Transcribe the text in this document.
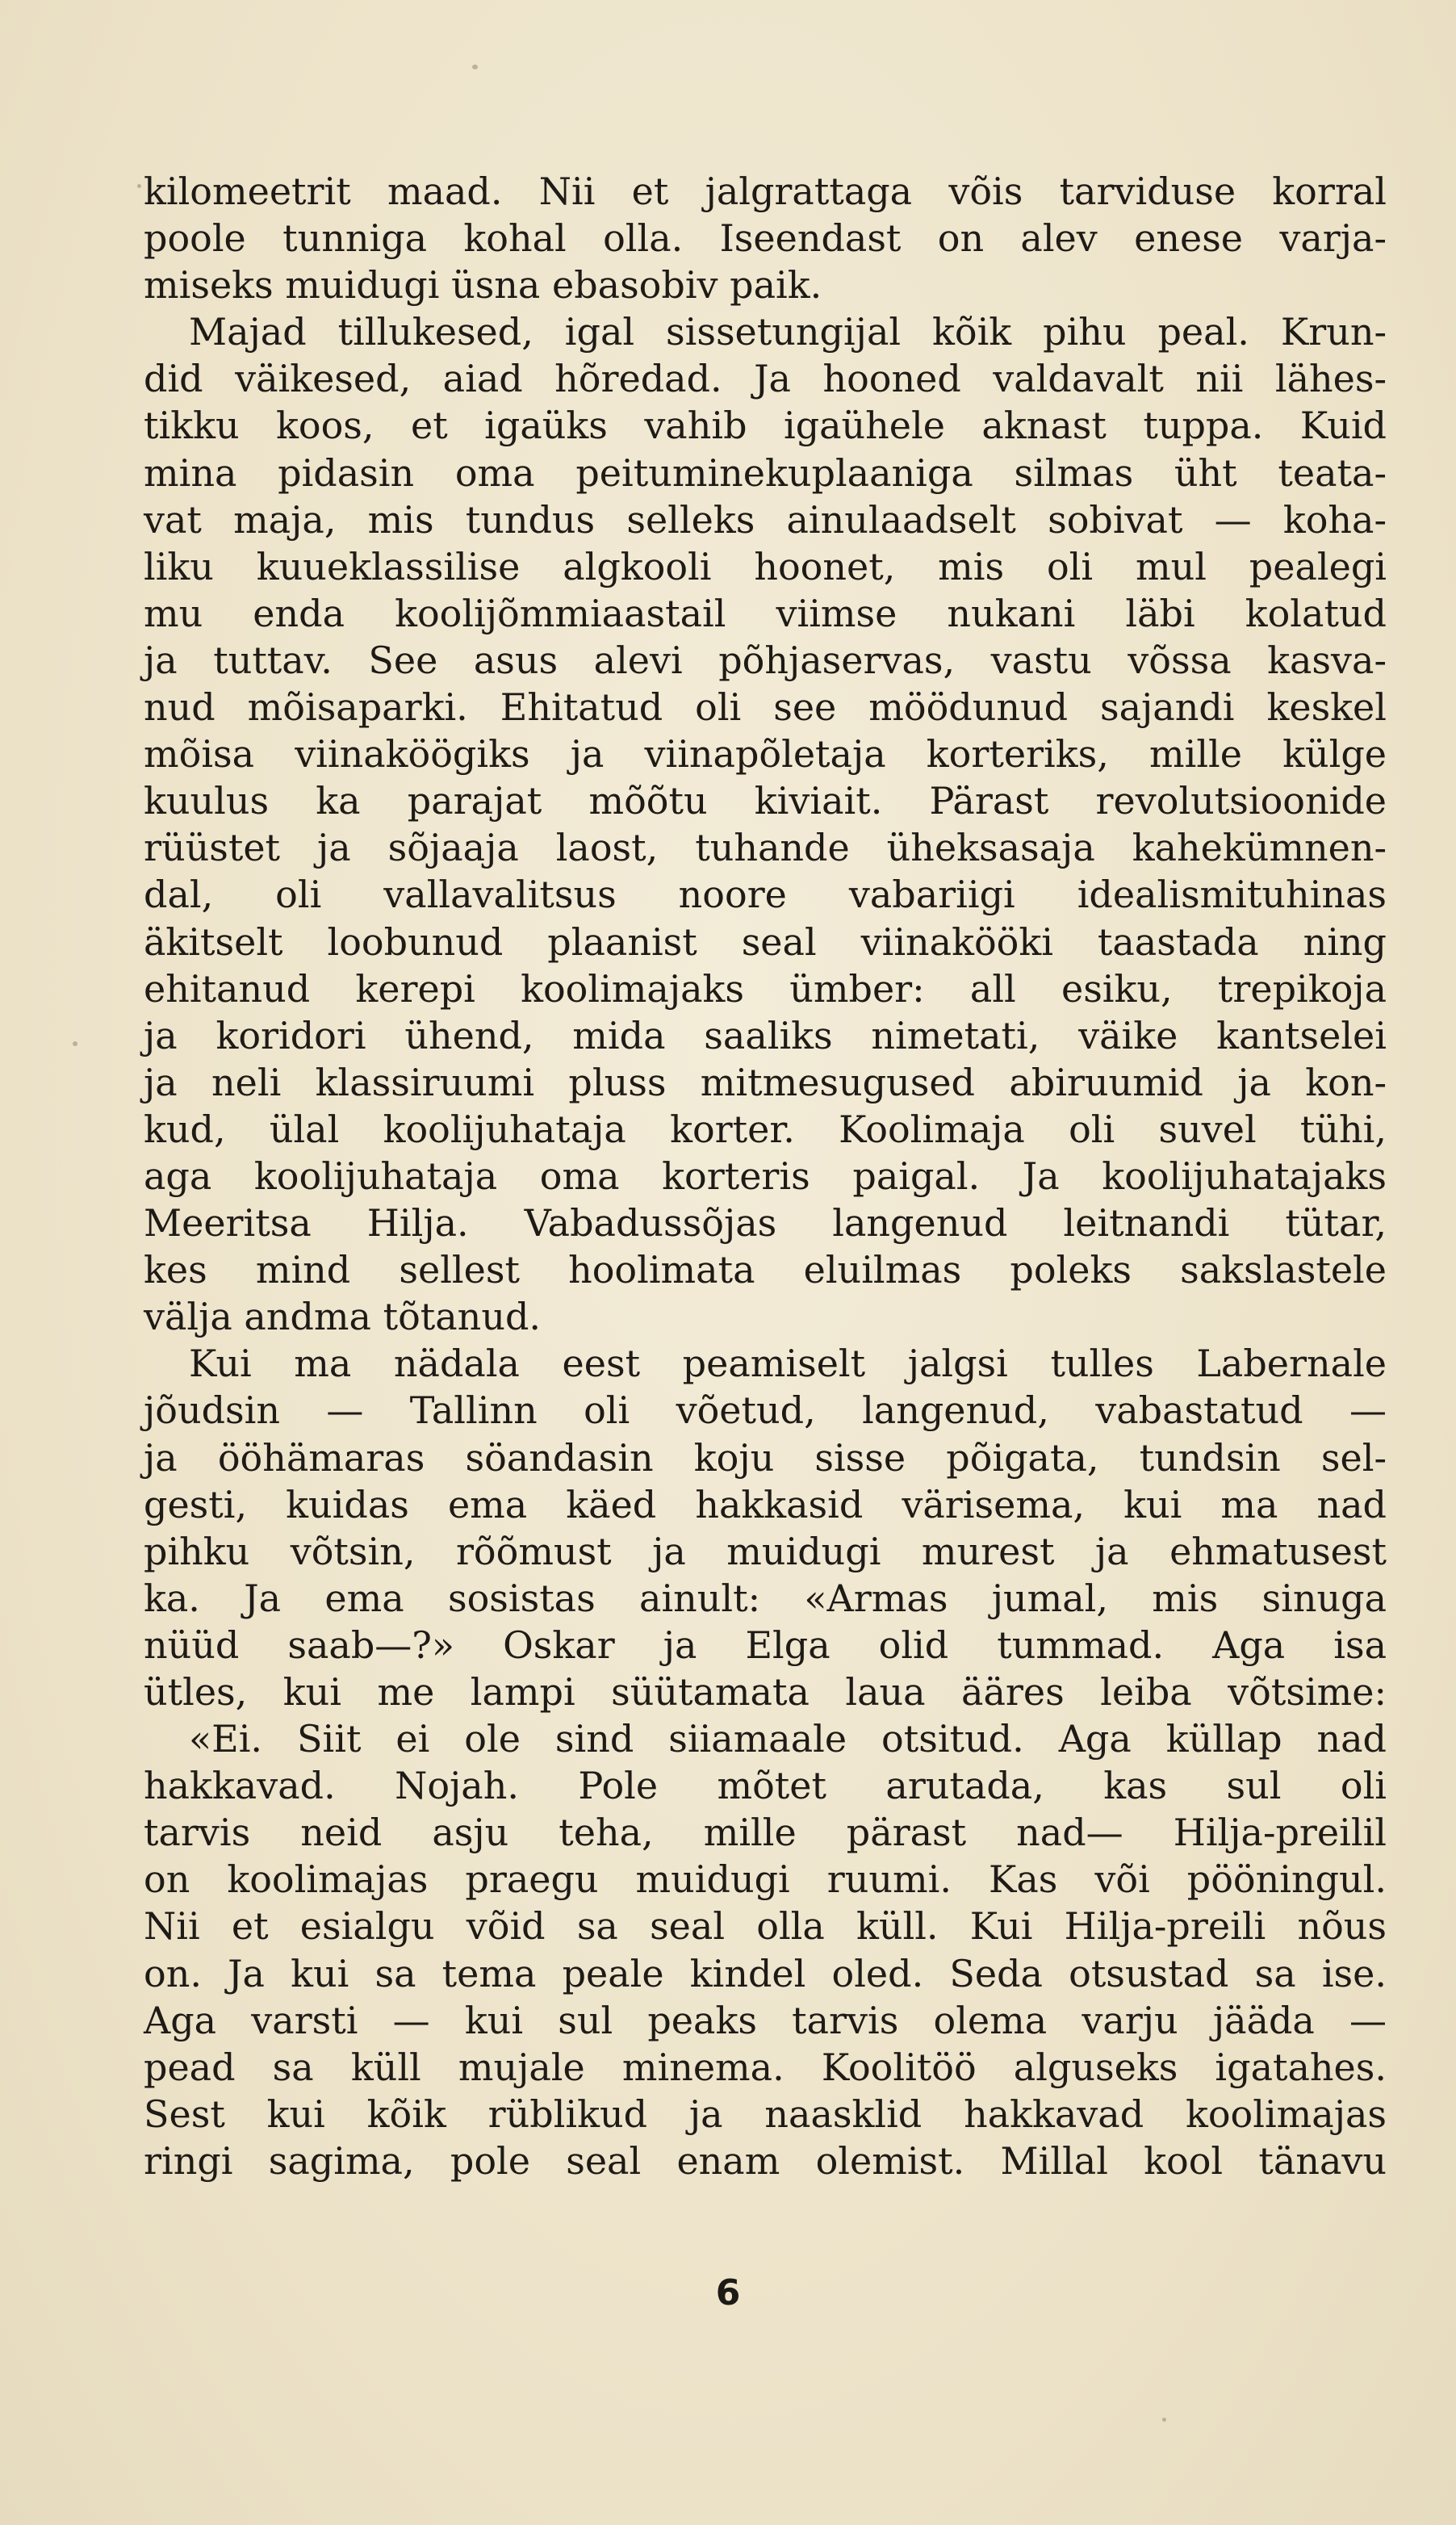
kilomeetrit maad. Nii et jalgrattaga võis tarviduse korral
poole tunniga kohal olla. Iseendast on alev enese varja-
miseks muidugi üsna ebasobiv paik.
Majad tillukesed, igal sissetungijal kõik pihu peal. Krun-
did väikesed, aiad hõredad. Ja hooned valdavalt nii lähes-
tikku koos, et igaüks vahib igaühele aknast tuppa. Kuid
mina pidasin oma peituminekuplaaniga silmas üht teata-
vat maja, mis tundus selleks ainulaadselt sobivat — koha-
liku kuueklassilise algkooli hoonet, mis oli mul pealegi
mu enda koolijõmmiaastail viimse nukani läbi kolatud
ja tuttav. See asus alevi põhjaservas, vastu võssa kasva-
nud mõisaparki. Ehitatud oli see möödunud sajandi keskel
mõisa viinaköögiks ja viinapõletaja korteriks, mille külge
kuulus ka parajat mõõtu kiviait. Pärast revolutsioonide
rüüstet ja sõjaaja laost, tuhande üheksasaja kahekümnen-
dal, oli vallavalitsus noore vabariigi idealismituhinas
äkitselt loobunud plaanist seal viinakööki taastada ning
ehitanud kerepi koolimajaks ümber: all esiku, trepikoja
ja koridori ühend, mida saaliks nimetati, väike kantselei
ja neli klassiruumi pluss mitmesugused abiruumid ja kon-
kud, ülal koolijuhataja korter. Koolimaja oli suvel tühi,
aga koolijuhataja oma korteris paigal. Ja koolijuhatajaks
Meeritsa Hilja. Vabadussõjas langenud leitnandi tütar,
kes mind sellest hoolimata eluilmas poleks sakslastele
välja andma tõtanud.
Kui ma nädala eest peamiselt jalgsi tulles Labernale
jõudsin — Tallinn oli võetud, langenud, vabastatud —
ja ööhämaras söandasin koju sisse põigata, tundsin sel-
gesti, kuidas ema käed hakkasid värisema, kui ma nad
pihku võtsin, rõõmust ja muidugi murest ja ehmatusest
ka. Ja ema sosistas ainult: «Armas jumal, mis sinuga
nüüd saab—?» Oskar ja Elga olid tummad. Aga isa
ütles, kui me lampi süütamata laua ääres leiba võtsime:
«Ei. Siit ei ole sind siiamaale otsitud. Aga küllap nad
hakkavad. Nojah. Pole mõtet arutada, kas sul oli
tarvis neid asju teha, mille pärast nad— Hilja-preilil
on koolimajas praegu muidugi ruumi. Kas või pööningul.
Nii et esialgu võid sa seal olla küll. Kui Hilja-preili nõus
on. Ja kui sa tema peale kindel oled. Seda otsustad sa ise.
Aga varsti — kui sul peaks tarvis olema varju jääda —
pead sa küll mujale minema. Koolitöö alguseks igatahes.
Sest kui kõik rüblikud ja naasklid hakkavad koolimajas
ringi sagima, pole seal enam olemist. Millal kool tänavu
6
